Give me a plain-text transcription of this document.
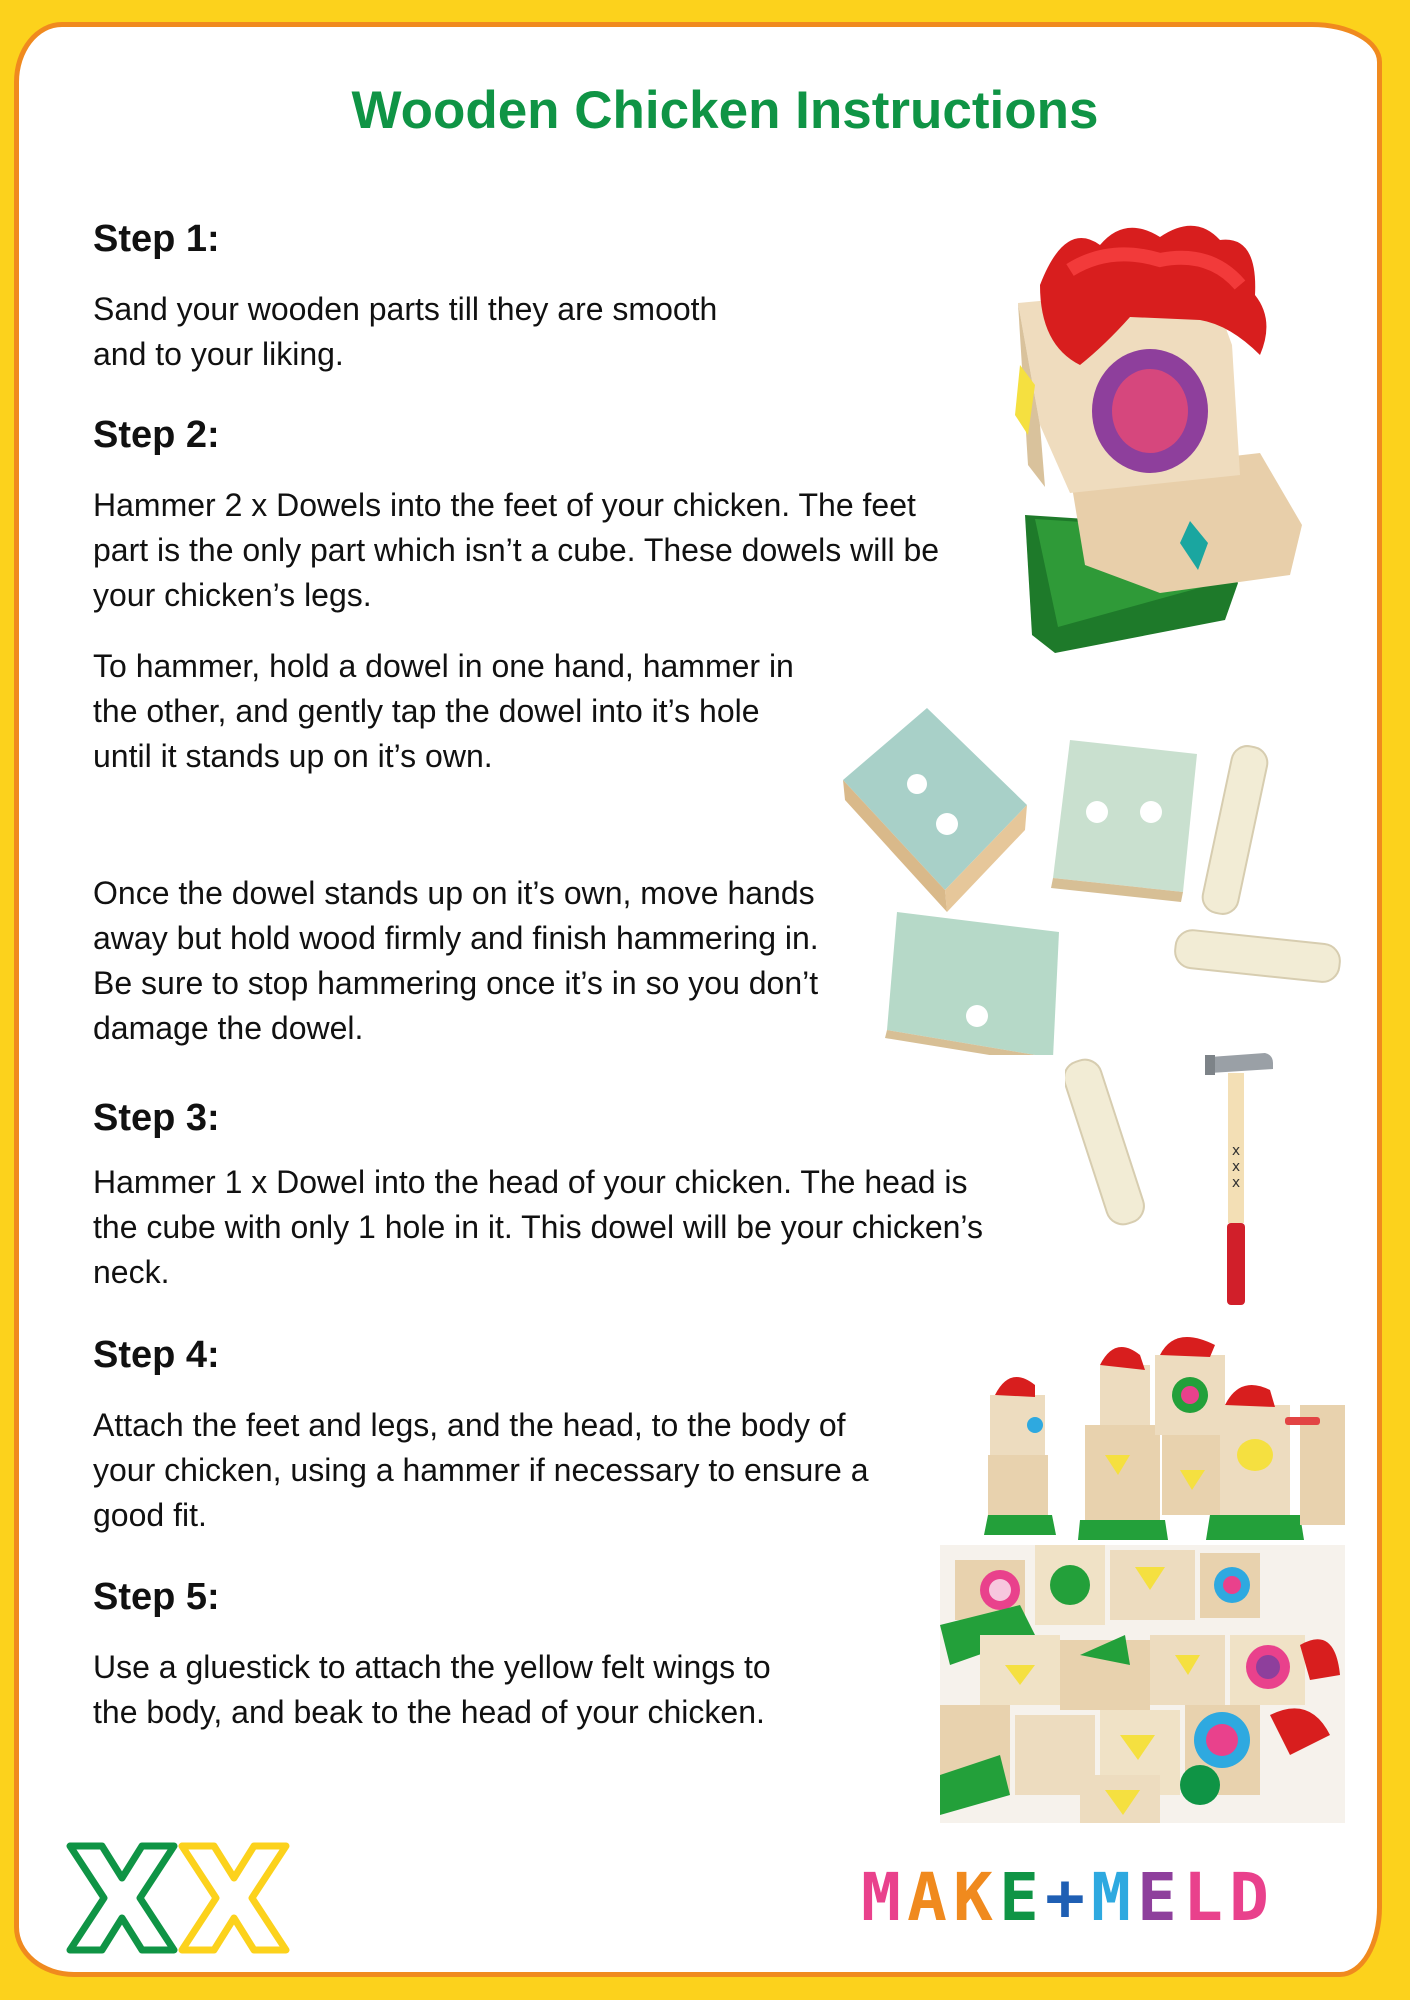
Wooden Chicken Instructions
Step 1:
Sand your wooden parts till they are smooth and to your liking.
Step 2:
Hammer 2 x Dowels into the feet of your chicken. The feet part is the only part which isn’t a cube. These dowels will be your chicken’s legs.
To hammer, hold a dowel in one hand, hammer in the other, and gently tap the dowel into it’s hole until it stands up on it’s own.
Once the dowel stands up on it’s own, move hands away but hold wood firmly and finish hammering in. Be sure to stop hammering once it’s in so you don’t damage the dowel.
Step 3:
Hammer 1 x Dowel into the head of your chicken. The head is the cube with only 1 hole in it. This dowel will be your chicken’s neck.
Step 4:
Attach the feet and legs, and the head, to the body of your chicken, using a hammer if necessary to ensure a good fit.
Step 5:
Use a gluestick to attach the yellow felt wings to the body, and beak to the head of your chicken.
x
x
x
M A K E + M E L D
